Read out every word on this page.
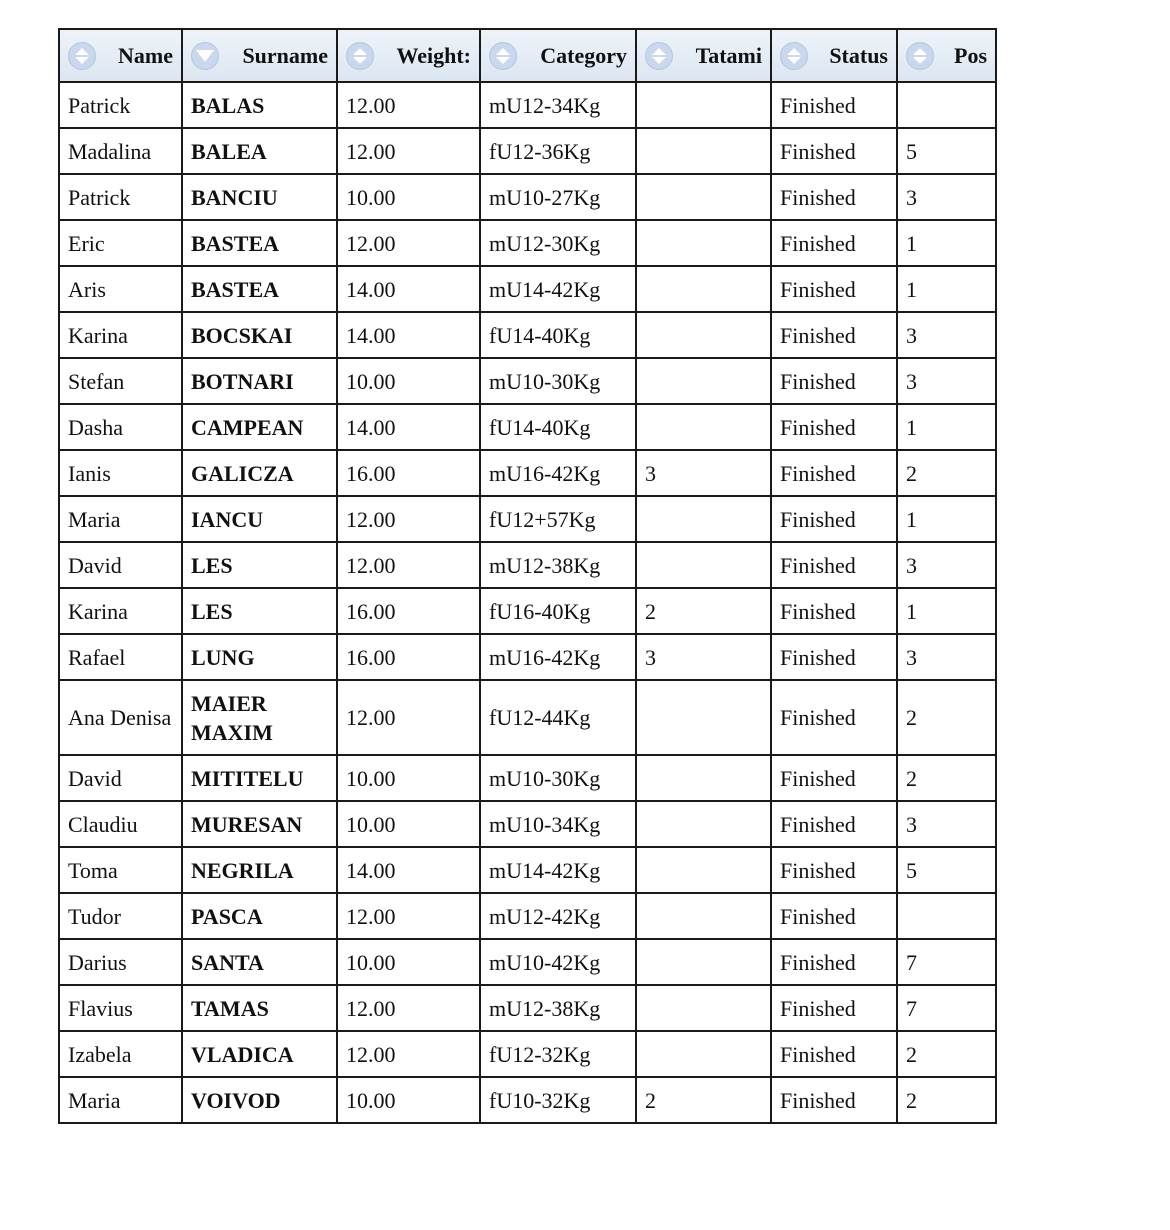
Name	Surname	Weight:	Category	Tatami	Status	Pos

Patrick	BALAS	12.00	mU12-34Kg		Finished	
Madalina	BALEA	12.00	fU12-36Kg		Finished	5
Patrick	BANCIU	10.00	mU10-27Kg		Finished	3
Eric	BASTEA	12.00	mU12-30Kg		Finished	1
Aris	BASTEA	14.00	mU14-42Kg		Finished	1
Karina	BOCSKAI	14.00	fU14-40Kg		Finished	3
Stefan	BOTNARI	10.00	mU10-30Kg		Finished	3
Dasha	CAMPEAN	14.00	fU14-40Kg		Finished	1
Ianis	GALICZA	16.00	mU16-42Kg	3	Finished	2
Maria	IANCU	12.00	fU12+57Kg		Finished	1
David	LES	12.00	mU12-38Kg		Finished	3
Karina	LES	16.00	fU16-40Kg	2	Finished	1
Rafael	LUNG	16.00	mU16-42Kg	3	Finished	3
Ana Denisa	MAIER MAXIM	12.00	fU12-44Kg		Finished	2
David	MITITELU	10.00	mU10-30Kg		Finished	2
Claudiu	MURESAN	10.00	mU10-34Kg		Finished	3
Toma	NEGRILA	14.00	mU14-42Kg		Finished	5
Tudor	PASCA	12.00	mU12-42Kg		Finished	
Darius	SANTA	10.00	mU10-42Kg		Finished	7
Flavius	TAMAS	12.00	mU12-38Kg		Finished	7
Izabela	VLADICA	12.00	fU12-32Kg		Finished	2
Maria	VOIVOD	10.00	fU10-32Kg	2	Finished	2
